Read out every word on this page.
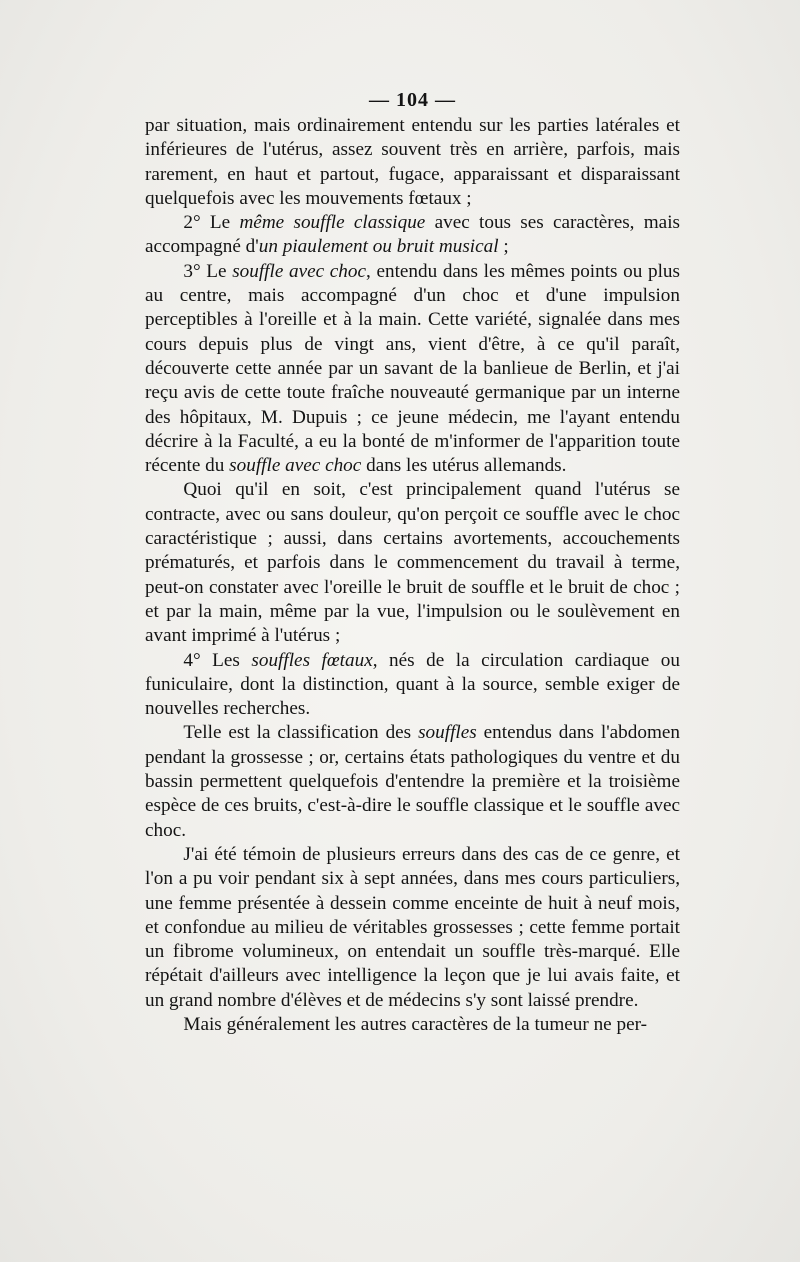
— 104 —

par situation, mais ordinairement entendu sur les parties latérales et inférieures de l'utérus, assez souvent très en arrière, parfois, mais rarement, en haut et partout, fugace, apparaissant et disparaissant quelquefois avec les mouvements fœtaux ;

2° Le même souffle classique avec tous ses caractères, mais accompagné d'un piaulement ou bruit musical ;

3° Le souffle avec choc, entendu dans les mêmes points ou plus au centre, mais accompagné d'un choc et d'une impulsion perceptibles à l'oreille et à la main. Cette variété, signalée dans mes cours depuis plus de vingt ans, vient d'être, à ce qu'il paraît, découverte cette année par un savant de la banlieue de Berlin, et j'ai reçu avis de cette toute fraîche nouveauté germanique par un interne des hôpitaux, M. Dupuis ; ce jeune médecin, me l'ayant entendu décrire à la Faculté, a eu la bonté de m'informer de l'apparition toute récente du souffle avec choc dans les utérus allemands.

Quoi qu'il en soit, c'est principalement quand l'utérus se contracte, avec ou sans douleur, qu'on perçoit ce souffle avec le choc caractéristique ; aussi, dans certains avortements, accouchements prématurés, et parfois dans le commencement du travail à terme, peut-on constater avec l'oreille le bruit de souffle et le bruit de choc ; et par la main, même par la vue, l'impulsion ou le soulèvement en avant imprimé à l'utérus ;

4° Les souffles fœtaux, nés de la circulation cardiaque ou funiculaire, dont la distinction, quant à la source, semble exiger de nouvelles recherches.

Telle est la classification des souffles entendus dans l'abdomen pendant la grossesse ; or, certains états pathologiques du ventre et du bassin permettent quelquefois d'entendre la première et la troisième espèce de ces bruits, c'est-à-dire le souffle classique et le souffle avec choc.

J'ai été témoin de plusieurs erreurs dans des cas de ce genre, et l'on a pu voir pendant six à sept années, dans mes cours particuliers, une femme présentée à dessein comme enceinte de huit à neuf mois, et confondue au milieu de véritables grossesses ; cette femme portait un fibrome volumineux, on entendait un souffle très-marqué. Elle répétait d'ailleurs avec intelligence la leçon que je lui avais faite, et un grand nombre d'élèves et de médecins s'y sont laissé prendre.

Mais généralement les autres caractères de la tumeur ne per-
